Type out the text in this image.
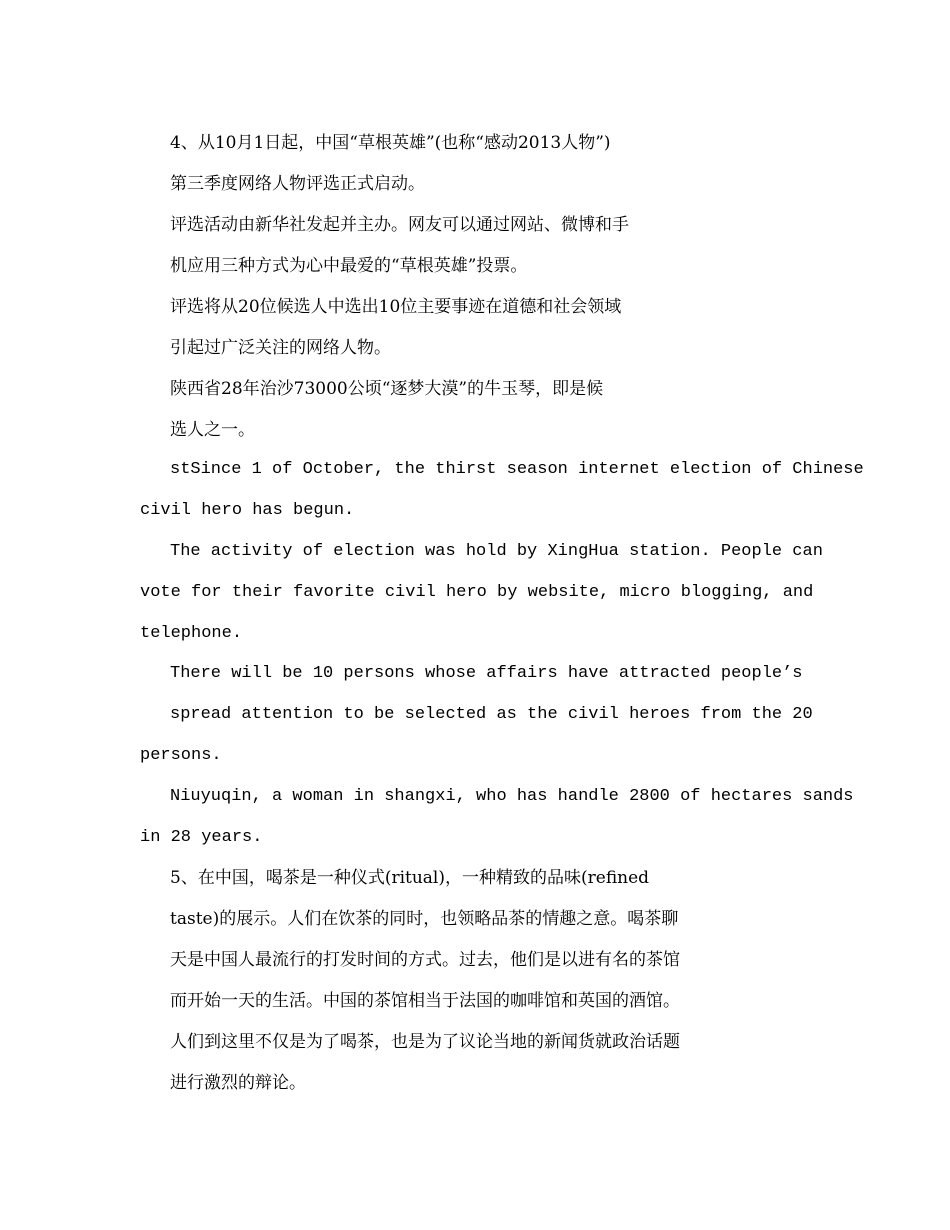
4、从10月1日起，中国“草根英雄”(也称“感动2013人物”)
第三季度网络人物评选正式启动。
评选活动由新华社发起并主办。网友可以通过网站、微博和手
机应用三种方式为心中最爱的“草根英雄”投票。
评选将从20位候选人中选出10位主要事迹在道德和社会领域
引起过广泛关注的网络人物。
陕西省28年治沙73000公顷“逐梦大漠”的牛玉琴，即是候
选人之一。
stSince 1 of October, the thirst season internet election of Chinese
civil hero has begun.
The activity of election was hold by XingHua station. People can
vote for their favorite civil hero by website, micro blogging, and
telephone.
There will be 10 persons whose affairs have attracted people’s
spread attention to be selected as the civil heroes from the 20
persons.
Niuyuqin, a woman in shangxi, who has handle 2800 of hectares sands
in 28 years.
5、在中国，喝茶是一种仪式(ritual)，一种精致的品味(refined
taste)的展示。人们在饮茶的同时，也领略品茶的情趣之意。喝茶聊
天是中国人最流行的打发时间的方式。过去，他们是以进有名的茶馆
而开始一天的生活。中国的茶馆相当于法国的咖啡馆和英国的酒馆。
人们到这里不仅是为了喝茶，也是为了议论当地的新闻货就政治话题
进行激烈的辩论。
